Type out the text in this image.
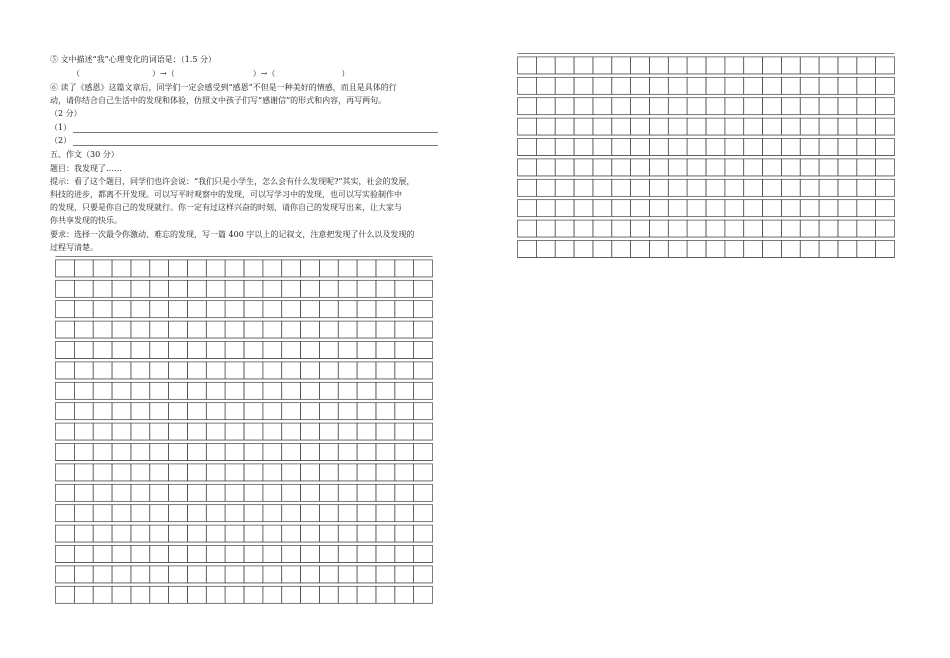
⑤ 文中描述“我”心理变化的词语是：（1.5 分）
（	）→（	）→（	）
⑥ 读了《感恩》这篇文章后，同学们一定会感受到“感恩”不但是一种美好的情感，而且是具体的行
动，请你结合自己生活中的发现和体验，仿照文中孩子们写“感谢信”的形式和内容，再写两句。
（2 分）
（1）
（2）
五、作文（30 分）
题目：我发现了……
提示：看了这个题目，同学们也许会说：“我们只是小学生，怎么会有什么发现呢?”其实，社会的发展，
科技的进步，都离不开发现。可以写平时观察中的发现，可以写学习中的发现，也可以写实验制作中
的发现，只要是你自己的发现就行。你一定有过这样兴奋的时刻，请你自己的发现写出来，让大家与
你共享发现的快乐。
要求：选择一次最令你激动、难忘的发现，写一篇 400 字以上的记叙文，注意把发现了什么以及发现的
过程写清楚。
